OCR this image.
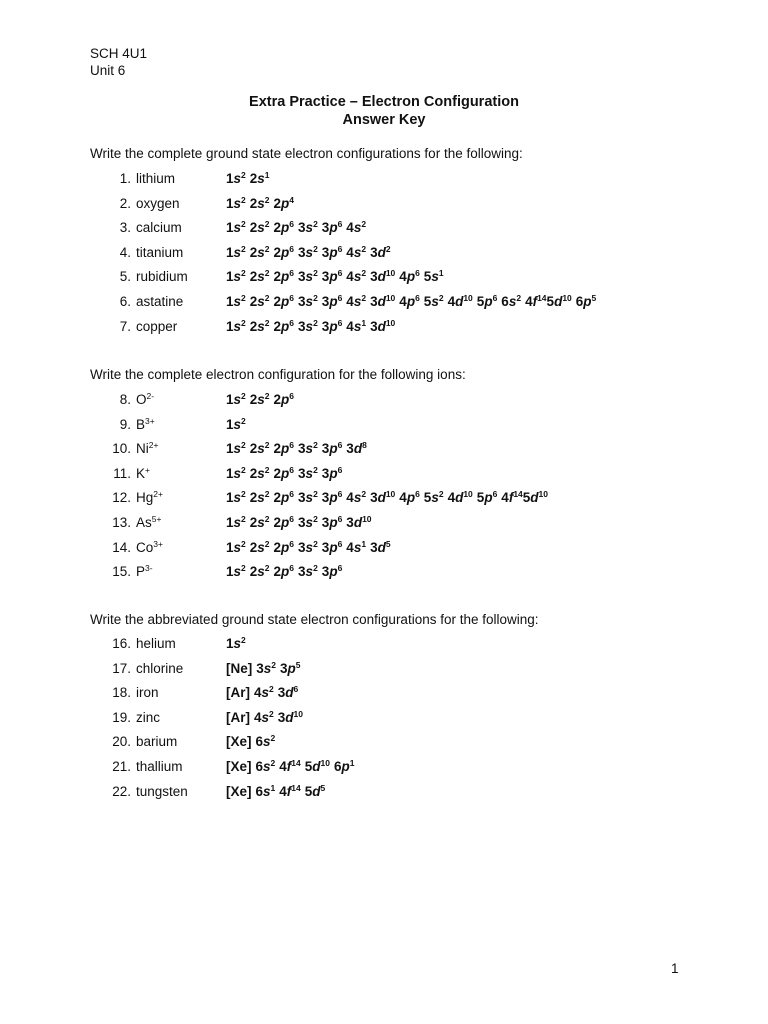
SCH 4U1
Unit 6
Extra Practice – Electron Configuration
Answer Key
Write the complete ground state electron configurations for the following:
Write the complete electron configuration for the following ions:
Write the abbreviated ground state electron configurations for the following:
1. lithium	$1s^2$ $2s^1$
2. oxygen	$1s^2$ $2s^2$ $2p^4$
3. calcium	$1s^2$ $2s^2$ $2p^6$ $3s^2$ $3p^6$ $4s^2$
4. titanium	$1s^2$ $2s^2$ $2p^6$ $3s^2$ $3p^6$ $4s^2$ $3d^2$
5. rubidium	$1s^2$ $2s^2$ $2p^6$ $3s^2$ $3p^6$ $4s^2$ $3d^{10}$ $4p^6$ $5s^1$
6. astatine	$1s^2$ $2s^2$ $2p^6$ $3s^2$ $3p^6$ $4s^2$ $3d^{10}$ $4p^6$ $5s^2$ $4d^{10}$ $5p^6$ $6s^2$ $4f^{14}5d^{10}$ $6p^5$
7. copper	$1s^2$ $2s^2$ $2p^6$ $3s^2$ $3p^6$ $4s^1$ $3d^{10}$
8. $O^{2-}$	$1s^2$ $2s^2$ $2p^6$
9. $B^{3+}$	$1s^2$
10. $Ni^{2+}$	$1s^2$ $2s^2$ $2p^6$ $3s^2$ $3p^6$ $3d^8$
11. K+	$1s^2$ $2s^2$ $2p^6$ $3s^2$ $3p^6$
12. $Hg^{2+}$	$1s^2$ $2s^2$ $2p^6$ $3s^2$ $3p^6$ $4s^2$ $3d^{10}$ $4p^6$ $5s^2$ $4d^{10}$ $5p^6$ $4f^{14}5d^{10}$
13. $As^{5+}$	$1s^2$ $2s^2$ $2p^6$ $3s^2$ $3p^6$ $3d^{10}$
14. $Co^{3+}$	$1s^2$ $2s^2$ $2p^6$ $3s^2$ $3p^6$ $4s^1$ $3d^5$
15. $P^{3-}$	$1s^2$ $2s^2$ $2p^6$ $3s^2$ $3p^6$
16. helium	$1s^2$
17. chlorine	[Ne] $3s^2$ $3p^5$
18. iron	[Ar] $4s^2$ $3d^6$
19. zinc	[Ar] $4s^2$ $3d^{10}$
20. barium	[Xe] $6s^2$
21. thallium	[Xe] $6s^2$ $4f^{14}$ $5d^{10}$ $6p^1$
22. tungsten	[Xe] $6s^1$ $4f^{14}$ $5d^5$
1
